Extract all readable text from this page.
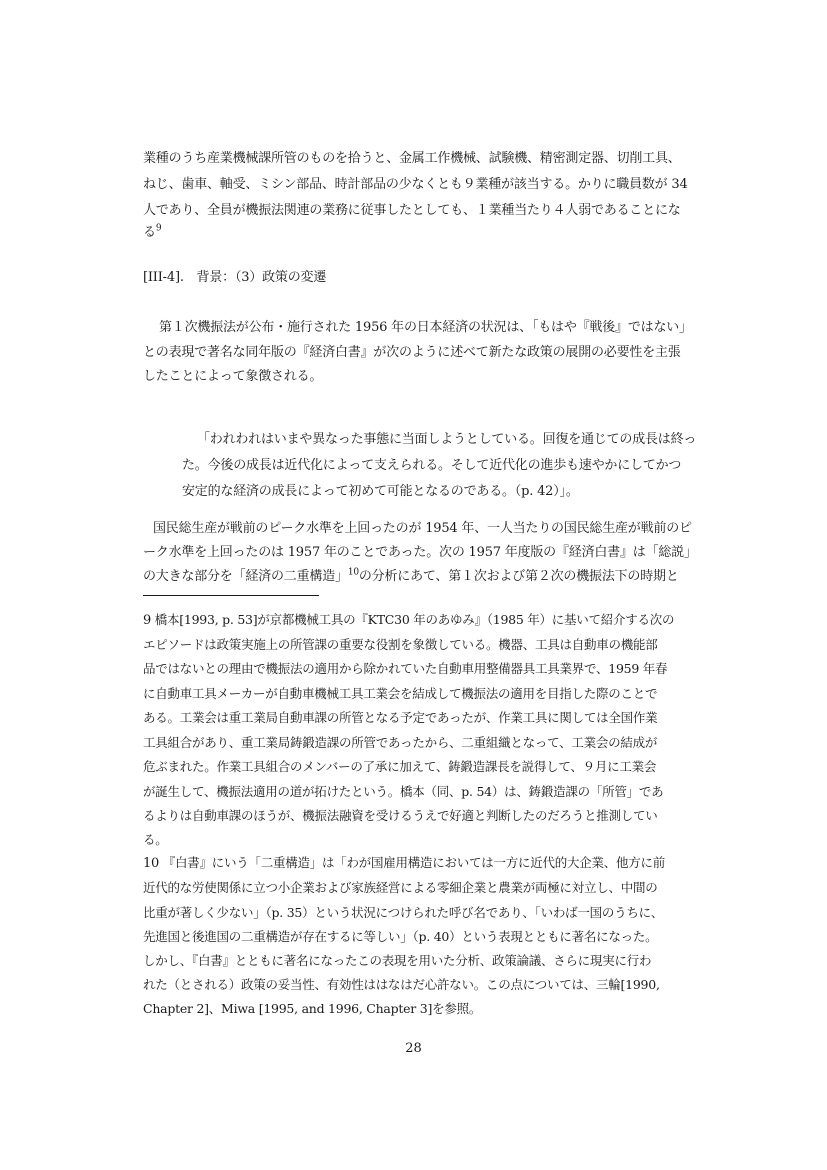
業種のうち産業機械課所管のものを拾うと、金属工作機械、試験機、精密測定器、切削工具、

ねじ、歯車、軸受、ミシン部品、時計部品の少なくとも９業種が該当する。かりに職員数が 34

人であり、全員が機振法関連の業務に従事したとしても、１業種当たり４人弱であることにな

る$^9$

[III-4].　背景：（3）政策の変遷

第１次機振法が公布・施行された 1956 年の日本経済の状況は、「もはや『戦後』ではない」

との表現で著名な同年版の『経済白書』が次のように述べて新たな政策の展開の必要性を主張

したことによって象徴される。

「われわれはいまや異なった事態に当面しようとしている。回復を通じての成長は終っ

た。今後の成長は近代化によって支えられる。そして近代化の進歩も速やかにしてかつ

安定的な経済の成長によって初めて可能となるのである。（p. 42）」。

国民総生産が戦前のピーク水準を上回ったのが 1954 年、一人当たりの国民総生産が戦前のピ

ーク水準を上回ったのは 1957 年のことであった。次の 1957 年度版の『経済白書』は「総説」

の大きな部分を「経済の二重構造」$^{10}$の分析にあて、第１次および第２次の機振法下の時期と

9 橋本[1993, p. 53]が京都機械工具の『KTC30 年のあゆみ』（1985 年）に基いて紹介する次の

エピソードは政策実施上の所管課の重要な役割を象徴している。機器、工具は自動車の機能部

品ではないとの理由で機振法の適用から除かれていた自動車用整備器具工具業界で、1959 年春

に自動車工具メーカーが自動車機械工具工業会を結成して機振法の適用を目指した際のことで

ある。工業会は重工業局自動車課の所管となる予定であったが、作業工具に関しては全国作業

工具組合があり、重工業局鋳鍛造課の所管であったから、二重組織となって、工業会の結成が

危ぶまれた。作業工具組合のメンバーの了承に加えて、鋳鍛造課長を説得して、９月に工業会

が誕生して、機振法適用の道が拓けたという。橋本（同、p. 54）は、鋳鍛造課の「所管」であ

るよりは自動車課のほうが、機振法融資を受けるうえで好適と判断したのだろうと推測してい

る。

10 『白書』にいう「二重構造」は「わが国雇用構造においては一方に近代的大企業、他方に前

近代的な労使関係に立つ小企業および家族経営による零細企業と農業が両極に対立し、中間の

比重が著しく少ない」（p. 35）という状況につけられた呼び名であり、「いわば一国のうちに、

先進国と後進国の二重構造が存在するに等しい」（p. 40）という表現とともに著名になった。

しかし、『白書』とともに著名になったこの表現を用いた分析、政策論議、さらに現実に行わ

れた（とされる）政策の妥当性、有効性ははなはだ心許ない。この点については、三輪[1990,

Chapter 2]、Miwa [1995, and 1996, Chapter 3]を参照。

28
